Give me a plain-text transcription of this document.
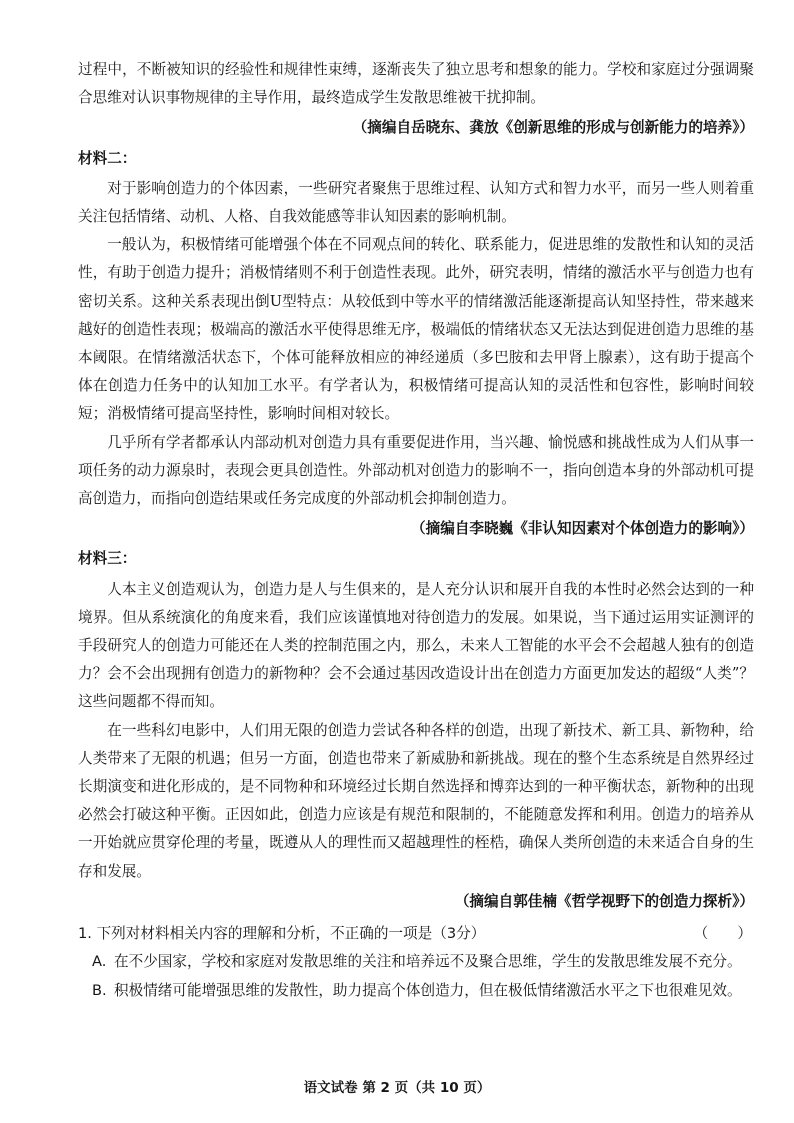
过程中，不断被知识的经验性和规律性束缚，逐渐丧失了独立思考和想象的能力。学校和家庭过分强调聚合思维对认识事物规律的主导作用，最终造成学生发散思维被干扰抑制。

（摘编自岳晓东、龚放《创新思维的形成与创新能力的培养》）

材料二：

对于影响创造力的个体因素，一些研究者聚焦于思维过程、认知方式和智力水平，而另一些人则着重关注包括情绪、动机、人格、自我效能感等非认知因素的影响机制。

一般认为，积极情绪可能增强个体在不同观点间的转化、联系能力，促进思维的发散性和认知的灵活性，有助于创造力提升；消极情绪则不利于创造性表现。此外，研究表明，情绪的激活水平与创造力也有密切关系。这种关系表现出倒U型特点：从较低到中等水平的情绪激活能逐渐提高认知坚持性，带来越来越好的创造性表现；极端高的激活水平使得思维无序，极端低的情绪状态又无法达到促进创造力思维的基本阈限。在情绪激活状态下，个体可能释放相应的神经递质（多巴胺和去甲肾上腺素），这有助于提高个体在创造力任务中的认知加工水平。有学者认为，积极情绪可提高认知的灵活性和包容性，影响时间较短；消极情绪可提高坚持性，影响时间相对较长。

几乎所有学者都承认内部动机对创造力具有重要促进作用，当兴趣、愉悦感和挑战性成为人们从事一项任务的动力源泉时，表现会更具创造性。外部动机对创造力的影响不一，指向创造本身的外部动机可提高创造力，而指向创造结果或任务完成度的外部动机会抑制创造力。

（摘编自李晓巍《非认知因素对个体创造力的影响》）

材料三：

人本主义创造观认为，创造力是人与生俱来的，是人充分认识和展开自我的本性时必然会达到的一种境界。但从系统演化的角度来看，我们应该谨慎地对待创造力的发展。如果说，当下通过运用实证测评的手段研究人的创造力可能还在人类的控制范围之内，那么，未来人工智能的水平会不会超越人独有的创造力？会不会出现拥有创造力的新物种？会不会通过基因改造设计出在创造力方面更加发达的超级“人类”？这些问题都不得而知。

在一些科幻电影中，人们用无限的创造力尝试各种各样的创造，出现了新技术、新工具、新物种，给人类带来了无限的机遇；但另一方面，创造也带来了新威胁和新挑战。现在的整个生态系统是自然界经过长期演变和进化形成的，是不同物种和环境经过长期自然选择和博弈达到的一种平衡状态，新物种的出现必然会打破这种平衡。正因如此，创造力应该是有规范和限制的，不能随意发挥和利用。创造力的培养从一开始就应贯穿伦理的考量，既遵从人的理性而又超越理性的桎梏，确保人类所创造的未来适合自身的生存和发展。

（摘编自郭佳楠《哲学视野下的创造力探析》）

1. 下列对材料相关内容的理解和分析，不正确的一项是（3分）	（　　）
A. 在不少国家，学校和家庭对发散思维的关注和培养远不及聚合思维，学生的发散思维发展不充分。
B. 积极情绪可能增强思维的发散性，助力提高个体创造力，但在极低情绪激活水平之下也很难见效。
语文试卷 第 2 页（共 10 页）
